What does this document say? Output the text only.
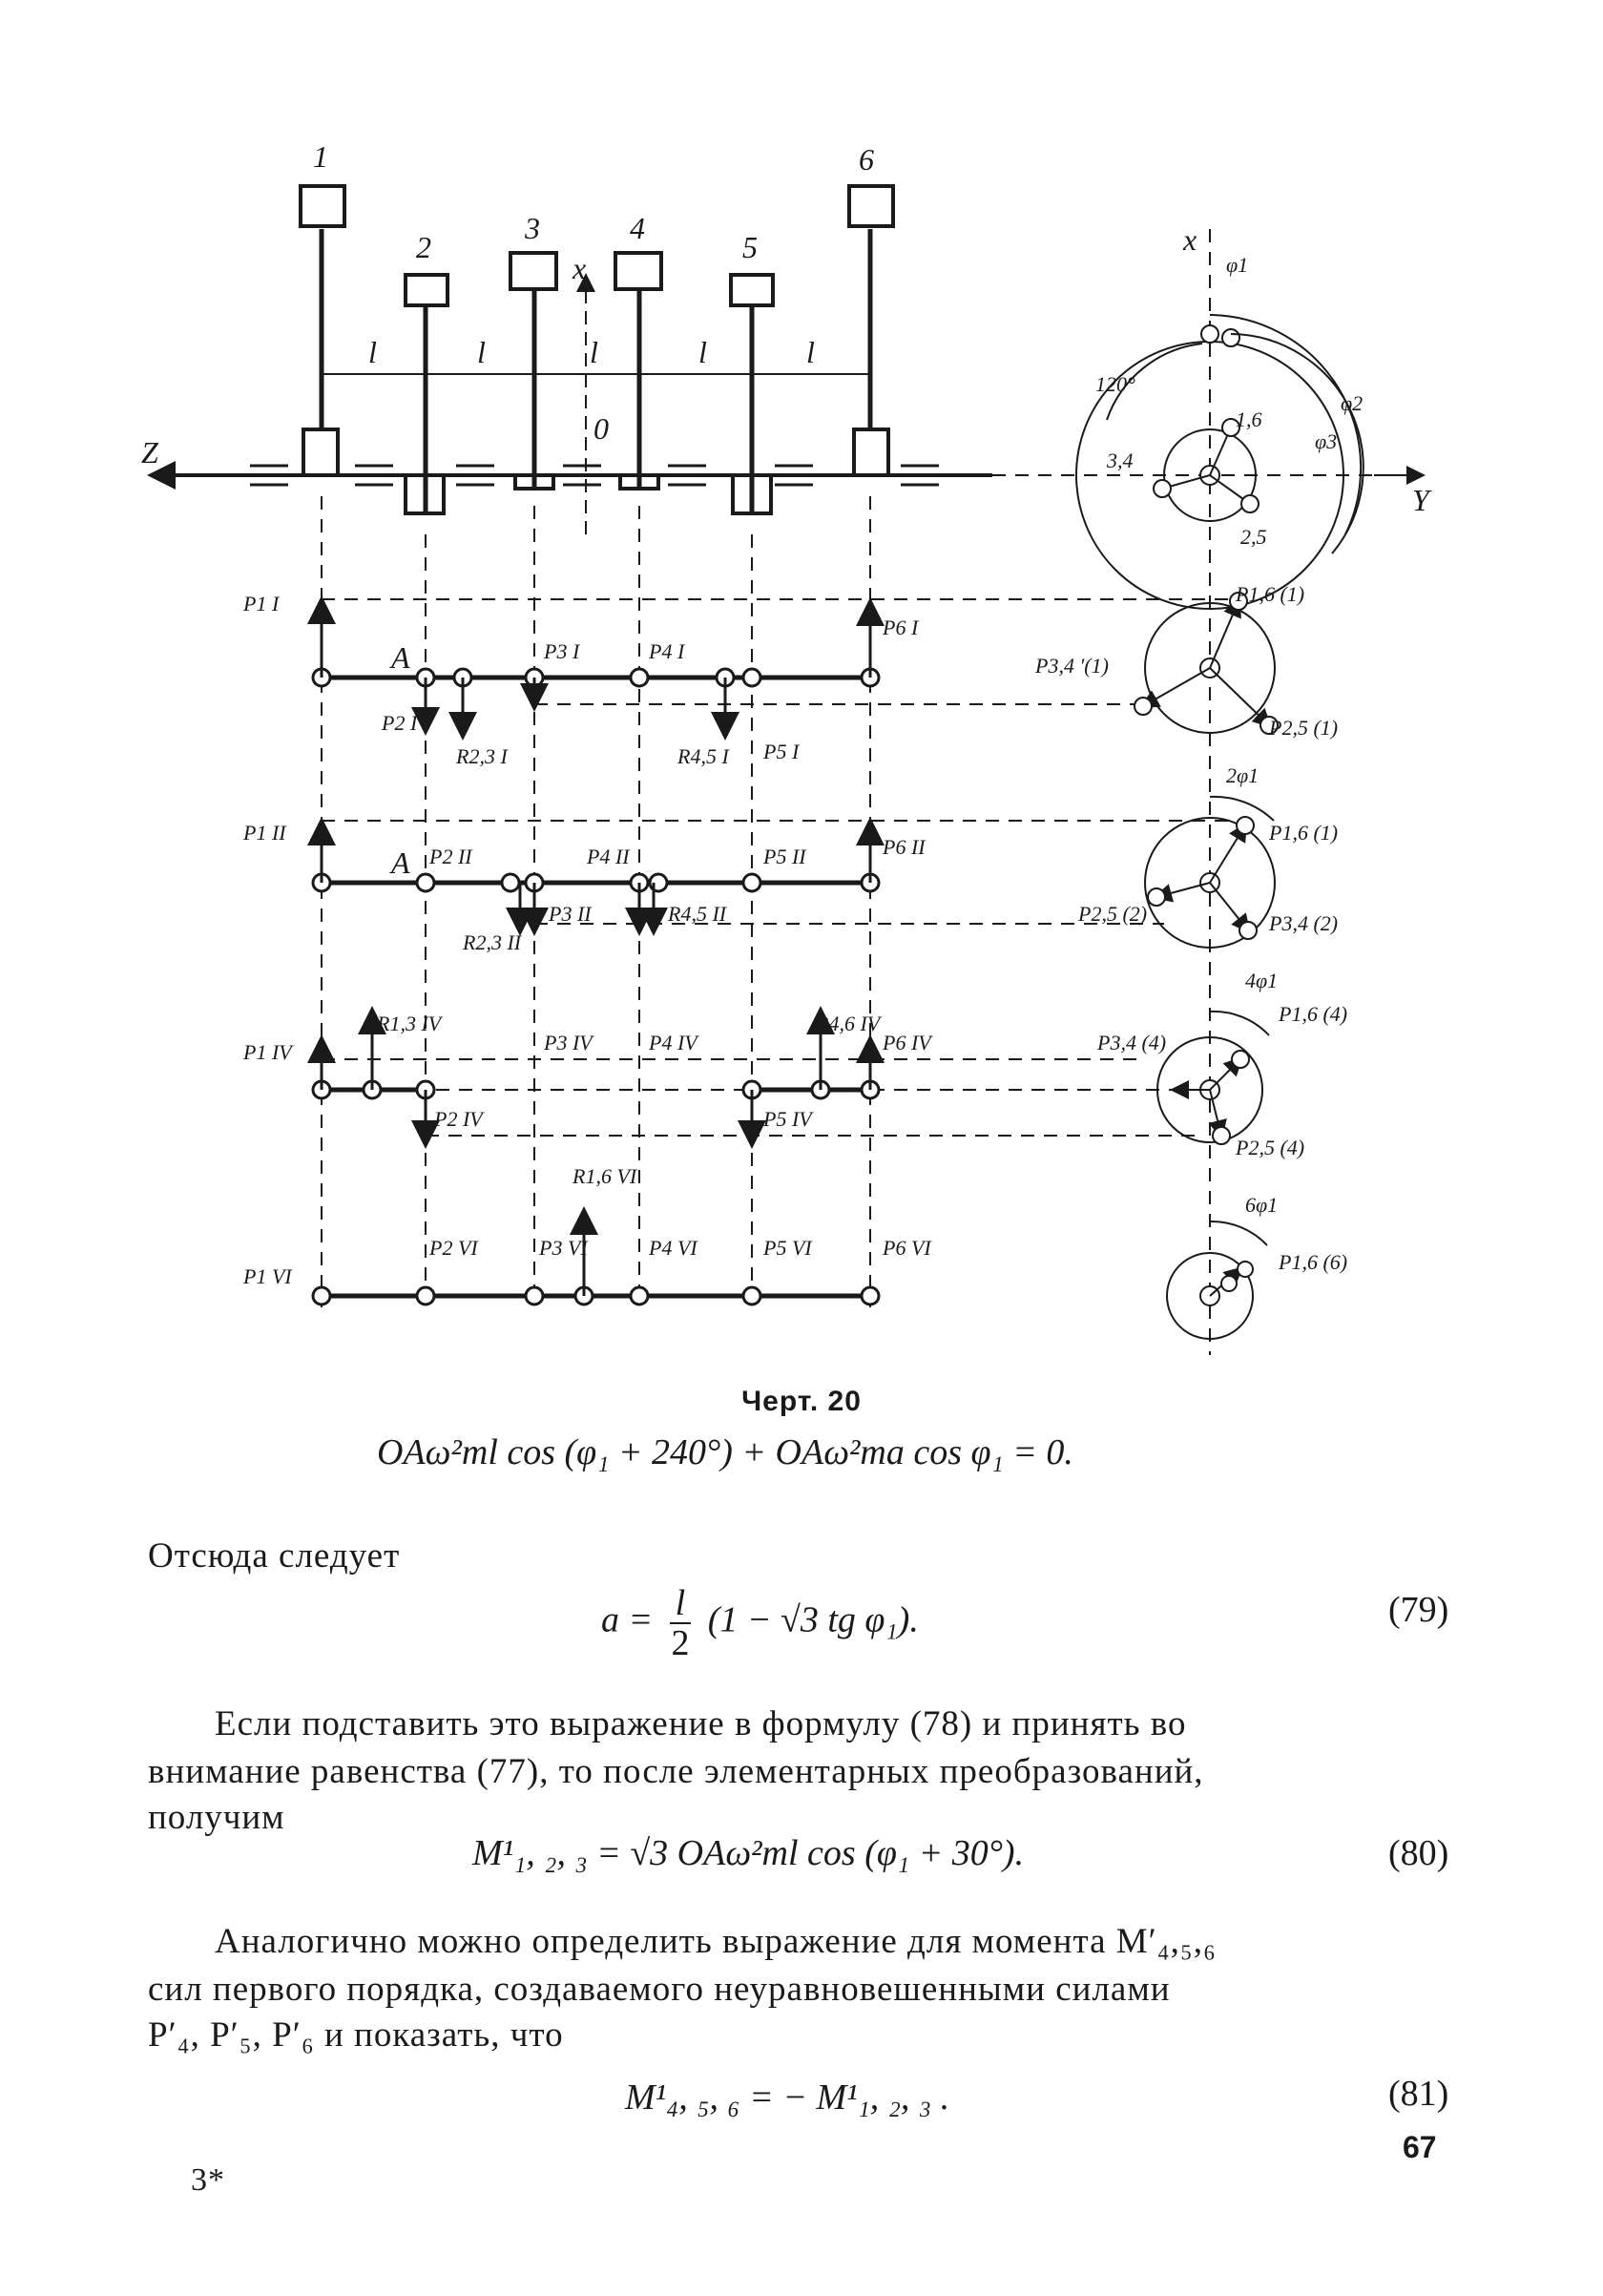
1
2
3	4
5
6
l	l	l	l	l
Z
x
0
Y
x
A
A
P1 I
P2 I
R2,3 I
P3 I	P4 I
R4,5 I P5 I
P6 I
P1,6 (1)
P3,4 ′(1)
P2,5 (1)
P1 II
P2 II
R2,3 II
P3 II
P4 II
R4,5 II
P5 II	P6 II
P1,6 (1)
P2,5 (2)	P3,4 (2)
P1 IV
R1,3 IV
P2 IV
P3 IV	P4 IV
R4,6 IV
P5 IV
P6 IV
P1,6 (4)
P3,4 (4)
P2,5 (4)
P1 VI
P2 VI	P3 VI
R1,6 VI
P4 VI	P5 VI	P6 VI
P1,6 (6)
φ1
φ2
φ3
120°
1,6
3,4
2,5
2φ1
4φ1
6φ1
Черт. 20
OAω²ml cos (φ₁ + 240°) + OAω²ma cos φ₁ = 0.
Отсюда следует
$a = \frac{l}{2} (1 - √3$ tg φ₁).	(79)
Если подставить это выражение в формулу (78) и принять во
внимание равенства (77), то после элементарных преобразований,
получим
M¹₁, ₂, ₃ = √3 OAω²ml cos (φ₁ + 30°).	(80)
Аналогично можно определить выражение для момента M′₄,₅,₆
сил первого порядка, создаваемого неуравновешенными силами
P′₄, P′₅, P′₆ и показать, что
M¹₄, ₅, ₆ = − M¹₁, ₂, ₃ .	(81)
67
3*
